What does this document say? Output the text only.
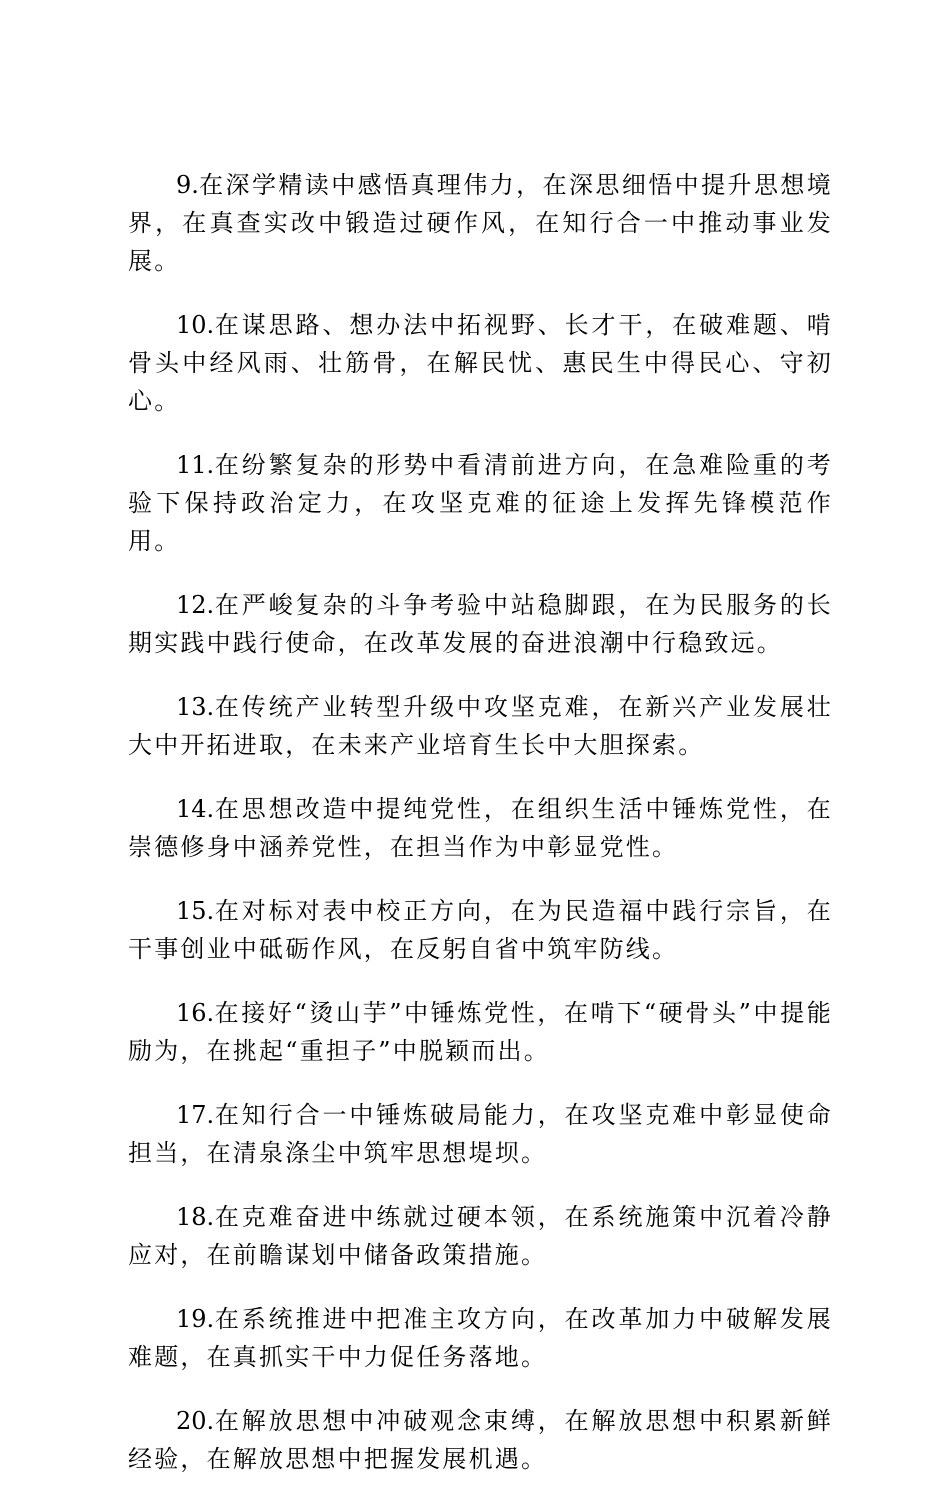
9.在深学精读中感悟真理伟力，在深思细悟中提升思想境界，在真查实改中锻造过硬作风，在知行合一中推动事业发展。

10.在谋思路、想办法中拓视野、长才干，在破难题、啃骨头中经风雨、壮筋骨，在解民忧、惠民生中得民心、守初心。

11.在纷繁复杂的形势中看清前进方向，在急难险重的考验下保持政治定力，在攻坚克难的征途上发挥先锋模范作用。

12.在严峻复杂的斗争考验中站稳脚跟，在为民服务的长期实践中践行使命，在改革发展的奋进浪潮中行稳致远。

13.在传统产业转型升级中攻坚克难，在新兴产业发展壮大中开拓进取，在未来产业培育生长中大胆探索。

14.在思想改造中提纯党性，在组织生活中锤炼党性，在崇德修身中涵养党性，在担当作为中彰显党性。

15.在对标对表中校正方向，在为民造福中践行宗旨，在干事创业中砥砺作风，在反躬自省中筑牢防线。

16.在接好“烫山芋”中锤炼党性，在啃下“硬骨头”中提能励为，在挑起“重担子”中脱颖而出。

17.在知行合一中锤炼破局能力，在攻坚克难中彰显使命担当，在清泉涤尘中筑牢思想堤坝。

18.在克难奋进中练就过硬本领，在系统施策中沉着冷静应对，在前瞻谋划中储备政策措施。

19.在系统推进中把准主攻方向，在改革加力中破解发展难题，在真抓实干中力促任务落地。

20.在解放思想中冲破观念束缚，在解放思想中积累新鲜经验，在解放思想中把握发展机遇。
